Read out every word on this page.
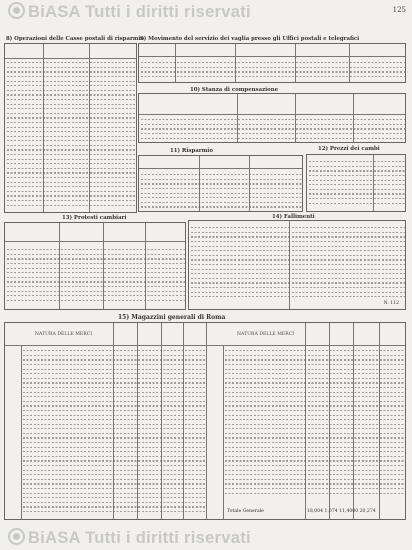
BiASA Tutti i diritti riservati	125
8) Operazioni delle Casse postali di risparmio
9) Movimento del servizio dei vaglia presso gli Uffici postali e telegrafici
10) Stanza di compensazione
11) Risparmio	12) Prezzi dei cambi
13) Protesti cambiari	14) Fallimenti
N. 112
15) Magazzini generali di Roma
NATURA DELLE MERCI	NATURA DELLE MERCI
Totale Generale	18,004 1,074 11,4000 20,274
BiASA Tutti i diritti riservati
